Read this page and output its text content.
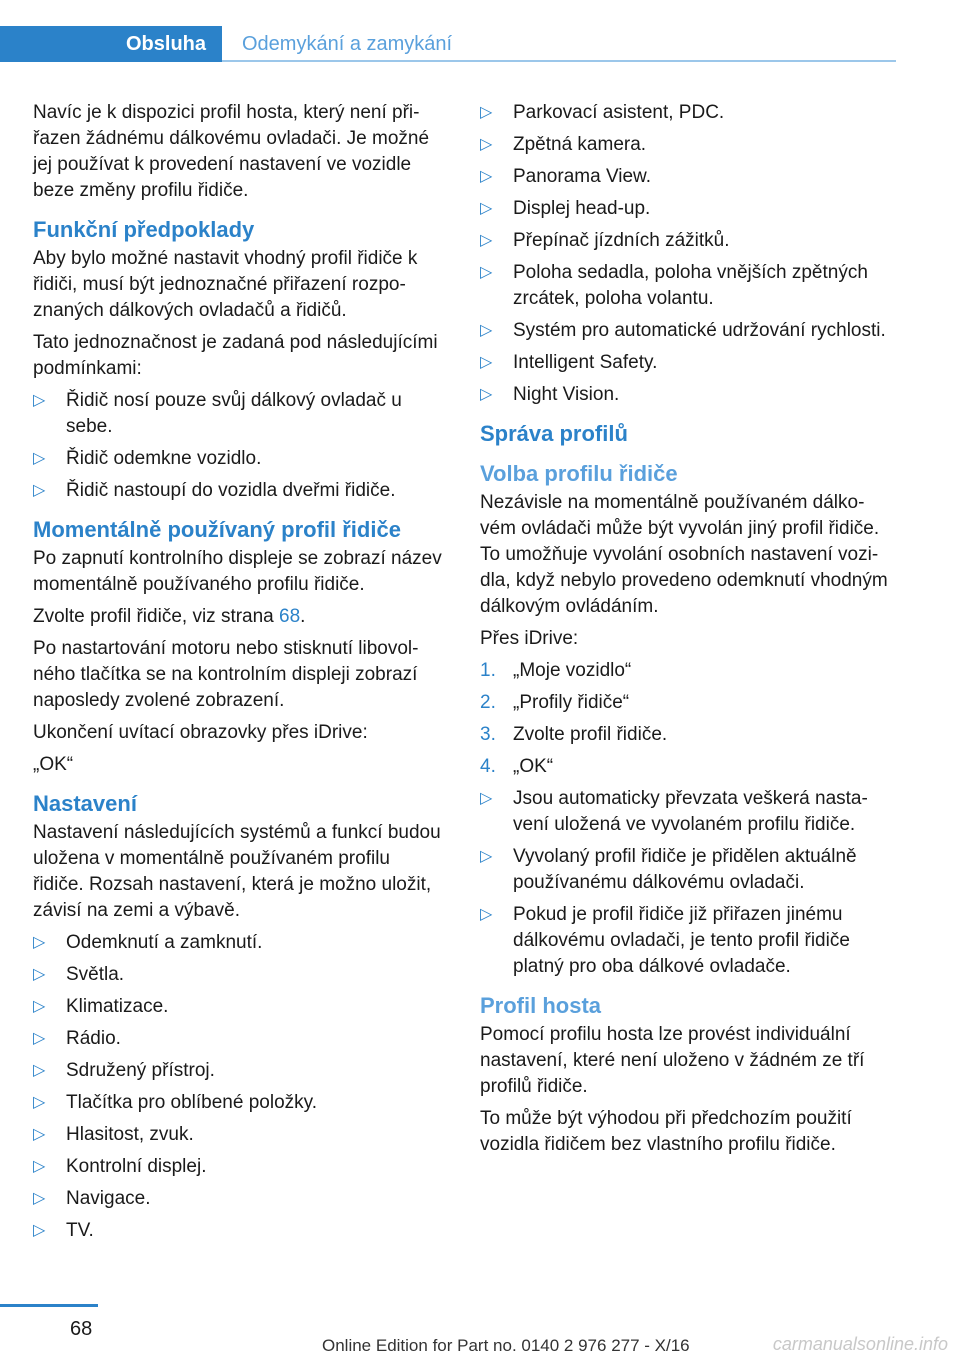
Obsluha	Odemykání a zamykání

Navíc je k dispozici profil hosta, který není přiřazen žádnému dálkovému ovladači. Je možné jej používat k provedení nastavení ve vozidle beze změny profilu řidiče.

Funkční předpoklady

Aby bylo možné nastavit vhodný profil řidiče k řidiči, musí být jednoznačné přiřazení rozpoznaných dálkových ovladačů a řidičů.

Tato jednoznačnost je zadaná pod následujícími podmínkami:

▷ Řidič nosí pouze svůj dálkový ovladač u sebe.
▷ Řidič odemkne vozidlo.
▷ Řidič nastoupí do vozidla dveřmi řidiče.
Momentálně používaný profil řidiče

Po zapnutí kontrolního displeje se zobrazí název momentálně používaného profilu řidiče.

Zvolte profil řidiče, viz strana 68.

Po nastartování motoru nebo stisknutí libovolného tlačítka se na kontrolním displeji zobrazí naposledy zvolené zobrazení.

Ukončení uvítací obrazovky přes iDrive:

„OK“

Nastavení

Nastavení následujících systémů a funkcí budou uložena v momentálně používaném profilu řidiče. Rozsah nastavení, která je možno uložit, závisí na zemi a výbavě.

▷ Odemknutí a zamknutí.
▷ Světla.
▷ Klimatizace.
▷ Rádio.
▷ Sdružený přístroj.
▷ Tlačítka pro oblíbené položky.
▷ Hlasitost, zvuk.
▷ Kontrolní displej.
▷ Navigace.
▷ TV.
▷ Parkovací asistent, PDC.
▷ Zpětná kamera.
▷ Panorama View.
▷ Displej head-up.
▷ Přepínač jízdních zážitků.
▷ Poloha sedadla, poloha vnějších zpětných zrcátek, poloha volantu.
▷ Systém pro automatické udržování rychlosti.
▷ Intelligent Safety.
▷ Night Vision.
Správa profilů
Volba profilu řidiče

Nezávisle na momentálně používaném dálkovém ovládači může být vyvolán jiný profil řidiče. To umožňuje vyvolání osobních nastavení vozidla, když nebylo provedeno odemknutí vhodným dálkovým ovládáním.

Přes iDrive:

1. „Moje vozidlo“
2. „Profily řidiče“
3. Zvolte profil řidiče.
4. „OK“
▷ Jsou automaticky převzata veškerá nastavení uložená ve vyvolaném profilu řidiče.
▷ Vyvolaný profil řidiče je přidělen aktuálně používanému dálkovému ovladači.
▷ Pokud je profil řidiče již přiřazen jinému dálkovému ovladači, je tento profil řidiče platný pro oba dálkové ovladače.
Profil hosta

Pomocí profilu hosta lze provést individuální nastavení, které není uloženo v žádném ze tří profilů řidiče.

To může být výhodou při předchozím použití vozidla řidičem bez vlastního profilu řidiče.

68
Online Edition for Part no. 0140 2 976 277 - X/16	carmanualsonline.info
